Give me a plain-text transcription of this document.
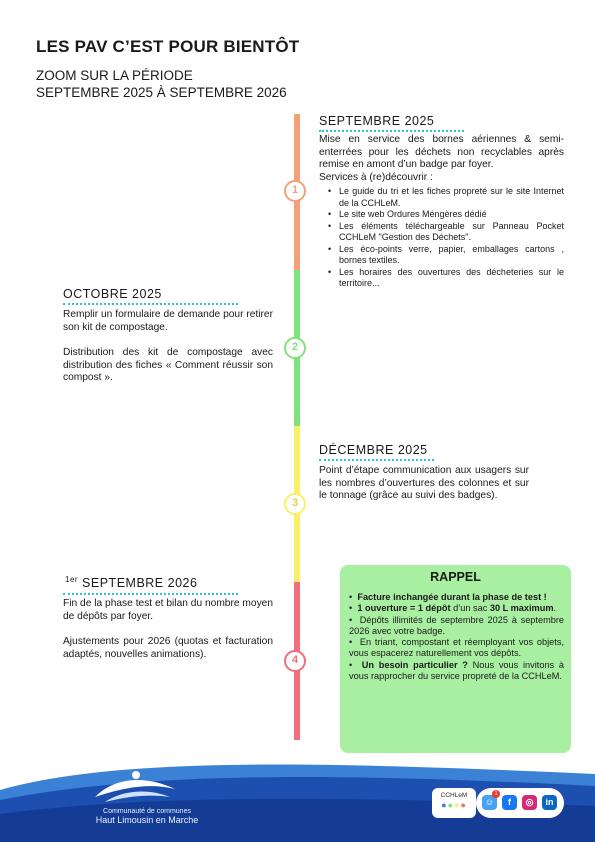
LES PAV C’EST POUR BIENTÔT
ZOOM SUR LA PÉRIODE
SEPTEMBRE 2025 À SEPTEMBRE 2026
1
2
3
4
SEPTEMBRE 2025

Mise en service des bornes aériennes & semi-enterrées pour les déchets non recyclables après remise en amont d’un badge par foyer.

Services à (re)découvrir :

• Le guide du tri et les fiches propreté sur le site Internet de la CCHLeM.
• Le site web Ordures Méngères dédié
• Les éléments téléchargeable sur Panneau Pocket CCHLeM "Gestion des Déchets".
• Les éco-points verre, papier, emballages cartons , bornes textiles.
• Les horaires des ouvertures des décheteries sur le territoire...
OCTOBRE 2025

Remplir un formulaire de demande pour retirer son kit de compostage.

Distribution des kit de compostage avec distribution des fiches « Comment réussir son compost ».

DÉCEMBRE 2025

Point d’étape communication aux usagers sur les nombres d’ouvertures des colonnes et sur le tonnage (grâce au suivi des badges).

$^{1er}$ SEPTEMBRE 2026

Fin de la phase test et bilan du nombre moyen de dépôts par foyer.

Ajustements pour 2026 (quotas et facturation adaptés, nouvelles animations).

RAPPEL

•  Facture inchangée durant la phase de test !

•  1 ouverture = 1 dépôt d’un sac 30 L maximum.

•  Dépôts illimités de septembre 2025 à septembre 2026 avec votre badge.

•  En triant, compostant et réemployant vos objets, vous espacerez naturellement vos dépôts.

•  Un besoin particulier ? Nous vous invitons à vous rapprocher du service propreté de la CCHLeM.

Communauté de communes
Haut Limousin en Marche
CCHLeM
●●●●	☺
1
f	◎	in
